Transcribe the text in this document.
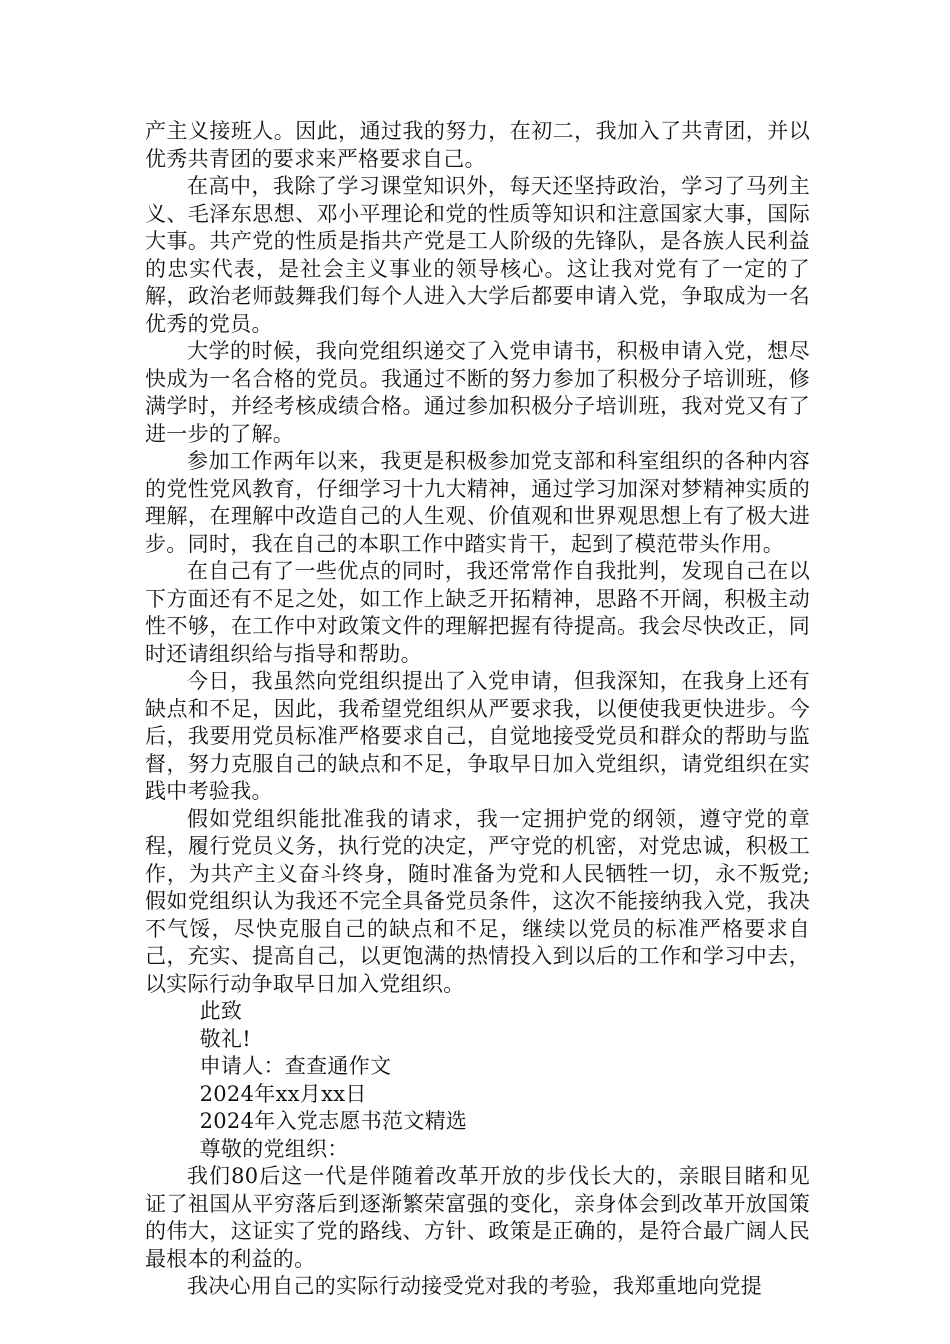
产主义接班人。因此，通过我的努力，在初二，我加入了共青团，并以优秀共青团的要求来严格要求自己。

在高中，我除了学习课堂知识外，每天还坚持政治，学习了马列主义、毛泽东思想、邓小平理论和党的性质等知识和注意国家大事，国际大事。共产党的性质是指共产党是工人阶级的先锋队，是各族人民利益的忠实代表，是社会主义事业的领导核心。这让我对党有了一定的了解，政治老师鼓舞我们每个人进入大学后都要申请入党，争取成为一名优秀的党员。

大学的时候，我向党组织递交了入党申请书，积极申请入党，想尽快成为一名合格的党员。我通过不断的努力参加了积极分子培训班，修满学时，并经考核成绩合格。通过参加积极分子培训班，我对党又有了进一步的了解。

参加工作两年以来，我更是积极参加党支部和科室组织的各种内容的党性党风教育，仔细学习十九大精神，通过学习加深对梦精神实质的理解，在理解中改造自己的人生观、价值观和世界观思想上有了极大进步。同时，我在自己的本职工作中踏实肯干，起到了模范带头作用。

在自己有了一些优点的同时，我还常常作自我批判，发现自己在以下方面还有不足之处，如工作上缺乏开拓精神，思路不开阔，积极主动性不够，在工作中对政策文件的理解把握有待提高。我会尽快改正，同时还请组织给与指导和帮助。

今日，我虽然向党组织提出了入党申请，但我深知，在我身上还有缺点和不足，因此，我希望党组织从严要求我，以便使我更快进步。今后，我要用党员标准严格要求自己，自觉地接受党员和群众的帮助与监督，努力克服自己的缺点和不足，争取早日加入党组织，请党组织在实践中考验我。

假如党组织能批准我的请求，我一定拥护党的纲领，遵守党的章程，履行党员义务，执行党的决定，严守党的机密，对党忠诚，积极工作，为共产主义奋斗终身，随时准备为党和人民牺牲一切，永不叛党;假如党组织认为我还不完全具备党员条件，这次不能接纳我入党，我决不气馁，尽快克服自己的缺点和不足，继续以党员的标准严格要求自己，充实、提高自己，以更饱满的热情投入到以后的工作和学习中去，以实际行动争取早日加入党组织。

此致

敬礼!

申请人：查查通作文

2024年xx月xx日

2024年入党志愿书范文精选

尊敬的党组织：

我们80后这一代是伴随着改革开放的步伐长大的，亲眼目睹和见证了祖国从平穷落后到逐渐繁荣富强的变化，亲身体会到改革开放国策的伟大，这证实了党的路线、方针、政策是正确的，是符合最广阔人民最根本的利益的。

我决心用自己的实际行动接受党对我的考验，我郑重地向党提
